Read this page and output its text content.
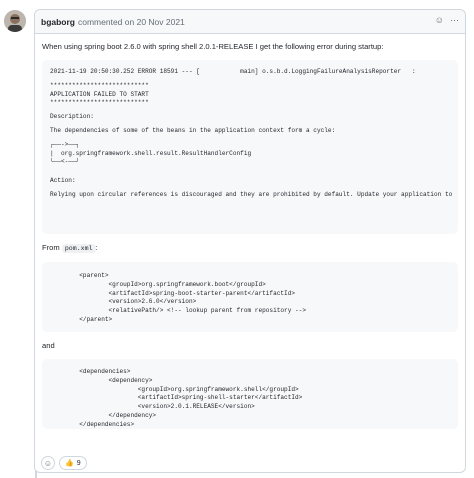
bgaborg commented on 20 Nov 2021	☺ ⋯

When using spring boot 2.6.0 with spring shell 2.0.1-RELEASE I get the following error during startup:

2021-11-19 20:50:30.252 ERROR 18591 --- [           main] o.s.b.d.LoggingFailureAnalysisReporter   :
***************************
APPLICATION FAILED TO START
***************************
Description:
The dependencies of some of the beans in the application context form a cycle:
┌──->──┐
|  org.springframework.shell.result.ResultHandlerConfig
└──<-──┘
Action:
Relying upon circular references is discouraged and they are prohibited by default. Update your application to

From pom.xml :

<parent>
<groupId>org.springframework.boot</groupId>
<artifactId>spring-boot-starter-parent</artifactId>
<version>2.6.0</version>
<relativePath/> <!-- lookup parent from repository -->
</parent>

and

<dependencies>
<dependency>
<groupId>org.springframework.shell</groupId>
<artifactId>spring-shell-starter</artifactId>
<version>2.0.1.RELEASE</version>
</dependency>
</dependencies>
☺ 👍 9
